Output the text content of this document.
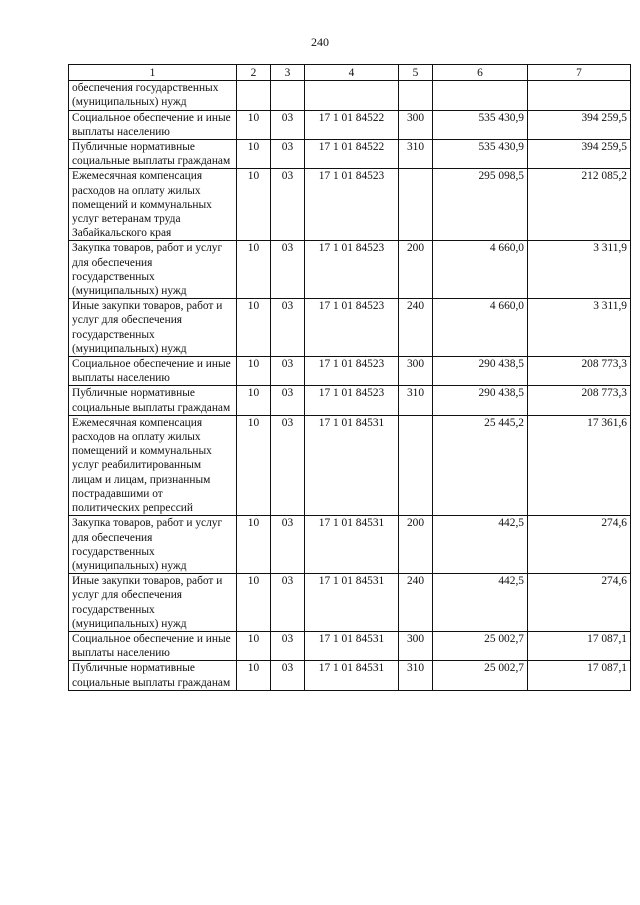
240
1	2	3	4	5	6	7
обеспечения государственных (муниципальных) нужд						
Социальное обеспечение и иные выплаты населению	10	03	17 1 01 84522	300	535 430,9	394 259,5
Публичные нормативные социальные выплаты гражданам	10	03	17 1 01 84522	310	535 430,9	394 259,5
Ежемесячная компенсация расходов на оплату жилых помещений и коммунальных услуг ветеранам труда Забайкальского края	10	03	17 1 01 84523		295 098,5	212 085,2
Закупка товаров, работ и услуг для обеспечения государственных (муниципальных) нужд	10	03	17 1 01 84523	200	4 660,0	3 311,9
Иные закупки товаров, работ и услуг для обеспечения государственных (муниципальных) нужд	10	03	17 1 01 84523	240	4 660,0	3 311,9
Социальное обеспечение и иные выплаты населению	10	03	17 1 01 84523	300	290 438,5	208 773,3
Публичные нормативные социальные выплаты гражданам	10	03	17 1 01 84523	310	290 438,5	208 773,3
Ежемесячная компенсация расходов на оплату жилых помещений и коммунальных услуг реабилитированным лицам и лицам, признанным пострадавшими от политических репрессий	10	03	17 1 01 84531		25 445,2	17 361,6
Закупка товаров, работ и услуг для обеспечения государственных (муниципальных) нужд	10	03	17 1 01 84531	200	442,5	274,6
Иные закупки товаров, работ и услуг для обеспечения государственных (муниципальных) нужд	10	03	17 1 01 84531	240	442,5	274,6
Социальное обеспечение и иные выплаты населению	10	03	17 1 01 84531	300	25 002,7	17 087,1
Публичные нормативные социальные выплаты гражданам	10	03	17 1 01 84531	310	25 002,7	17 087,1
